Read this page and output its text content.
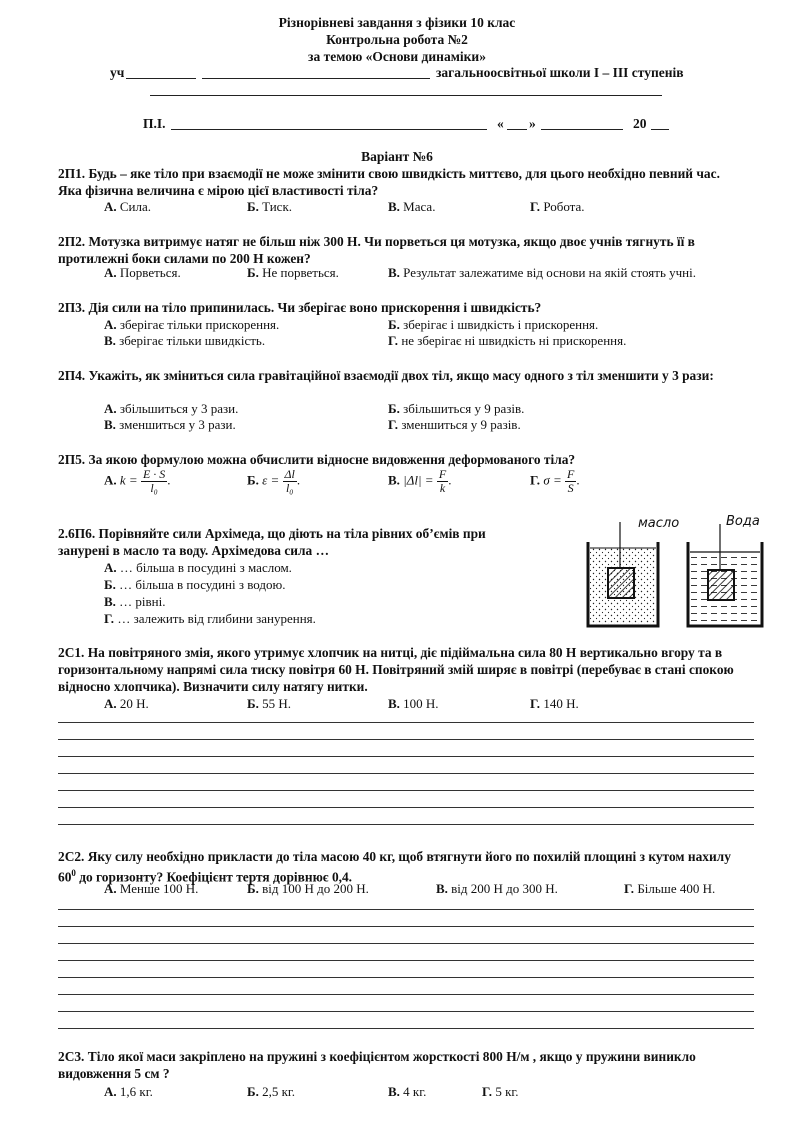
Різнорівневі завдання з фізики 10 клас
Контрольна робота №2
за темою «Основи динаміки»
уч	загальноосвітньої школи І – ІІІ ступенів
П.І.	« »	20
Варіант №6
2П1. Будь – яке тіло при взаємодії не може змінити свою швидкість миттєво, для цього необхідно певний час. Яка фізична величина є мірою цієї властивості тіла?
А. Сила.	Б. Тиск.	В. Маса.	Г. Робота.
2П2. Мотузка витримує натяг не більш ніж 300 Н. Чи порветься ця мотузка, якщо двоє учнів тягнуть її в протилежні боки силами по 200 Н кожен?
А. Порветься.	Б. Не порветься.	В. Результат залежатиме від основи на якій стоять учні.
2П3. Дія сили на тіло припинилась. Чи зберігає воно прискорення і швидкість?
А. зберігає тільки прискорення.	Б. зберігає і швидкість і прискорення.
В. зберігає тільки швидкість.	Г. не зберігає ні швидкість ні прискорення.
2П4. Укажіть, як зміниться сила гравітаційної взаємодії двох тіл, якщо масу одного з тіл зменшити у 3 рази:
А. збільшиться у 3 рази.	Б. збільшиться у 9 разів.
В. зменшиться у 3 рази.	Г. зменшиться у 9 разів.
2П5. За якою формулою можна обчислити відносне видовження деформованого тіла?
А. $k = \frac{E \cdot S}{\text{l₀}}$ .	Б. $\varepsilon = \frac{\Delta l}{\text{l₀}}$ .	В. $|\Delta l| = \frac{F}{k}$ .	Г. $\sigma = \frac{F}{S}$ .
2.6П6. Порівняйте сили Архімеда, що діють на тіла рівних об’ємів при занурені в масло та воду. Архімедова сила …
А. … більша в посудині з маслом.
Б. … більша в посудині з водою.
В. … рівні.
Г. … залежить від глибини занурення.
масло	Вода
2С1. На повітряного змія, якого утримує хлопчик на нитці, діє підіймальна сила 80 Н вертикально вгору та в горизонтальному напрямі сила тиску повітря 60 Н. Повітряний змій ширяє в повітрі (перебуває в стані спокою відносно хлопчика). Визначити силу натягу нитки.
А. 20 Н.	Б. 55 Н.	В. 100 Н.	Г. 140 Н.
2С2. Яку силу необхідно прикласти до тіла масою 40 кг, щоб втягнути його по похилій площині з кутом нахилу $60^0$ до горизонту? Коефіцієнт тертя дорівнює 0,4.
А. Менше 100 Н.	Б. від 100 Н до 200 Н.	В. від 200 Н до 300 Н.	Г. Більше 400 Н.
2С3. Тіло якої маси закріплено на пружині з коефіцієнтом жорсткості 800 Н/м , якщо у пружини виникло видовження 5 см ?
А. 1,6 кг.	Б. 2,5 кг.	В. 4 кг.	Г. 5 кг.
